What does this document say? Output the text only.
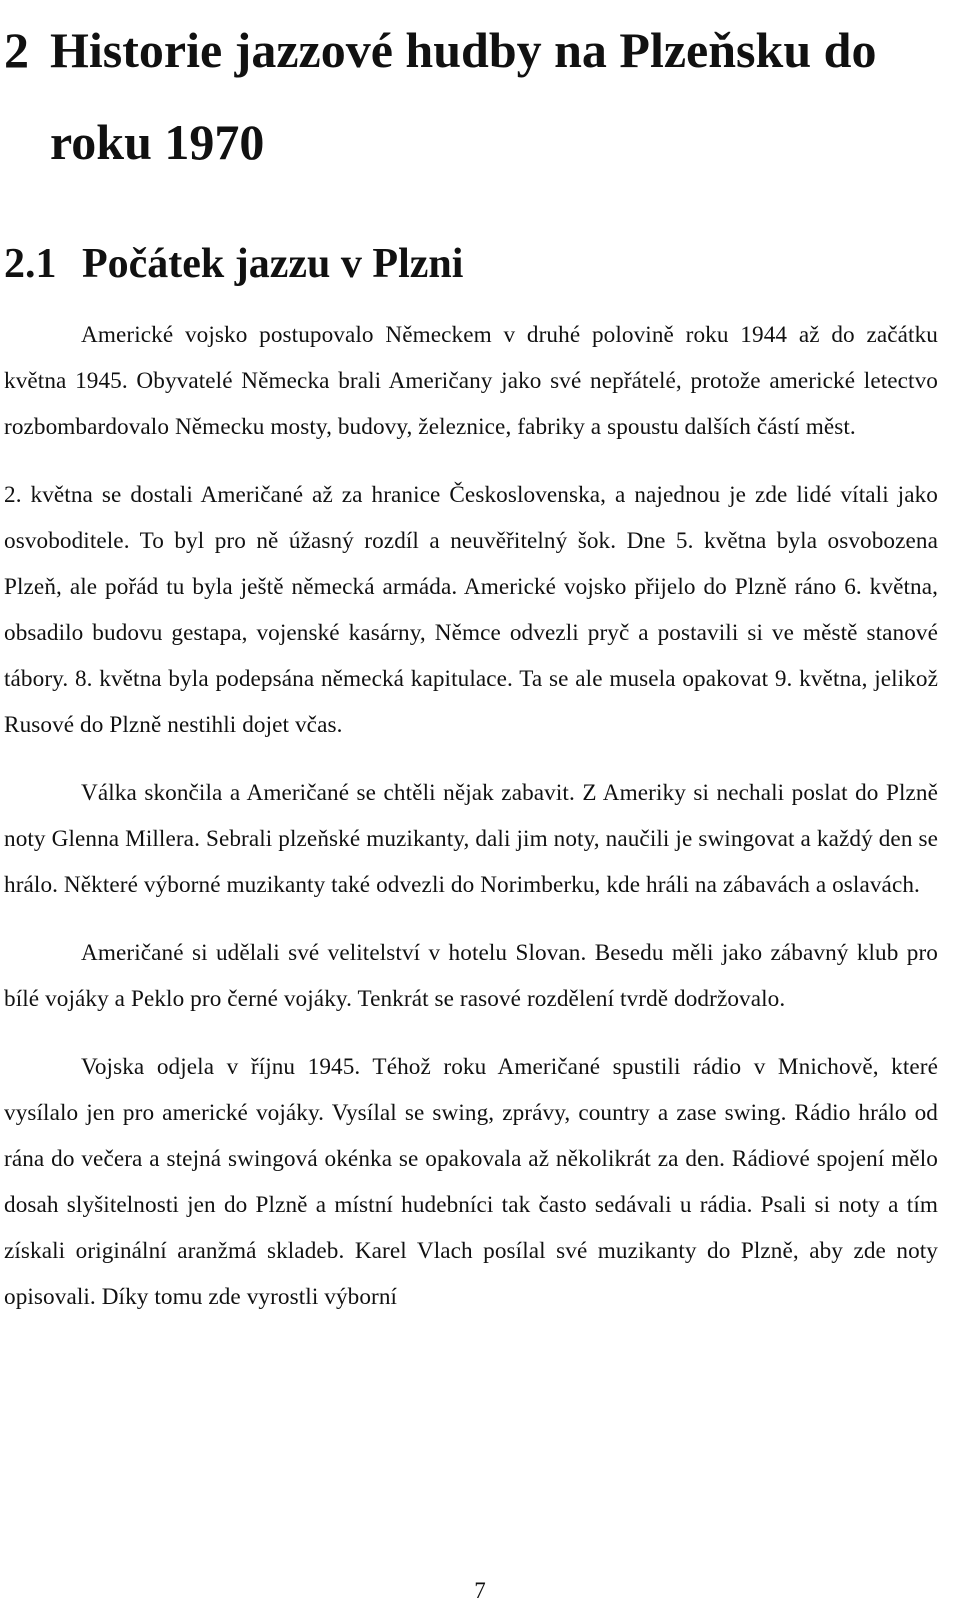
2 Historie jazzové hudby na Plzeňsku do roku 1970
2.1 Počátek jazzu v Plzni

Americké vojsko postupovalo Německem v druhé polovině roku 1944 až do začátku května 1945. Obyvatelé Německa brali Američany jako své nepřátelé, protože americké letectvo rozbombardovalo Německu mosty, budovy, železnice, fabriky a spoustu dalších částí měst.

2. května se dostali Američané až za hranice Československa, a najednou je zde lidé vítali jako osvoboditele. To byl pro ně úžasný rozdíl a neuvěřitelný šok. Dne 5. května byla osvobozena Plzeň, ale pořád tu byla ještě německá armáda. Americké vojsko přijelo do Plzně ráno 6. května, obsadilo budovu gestapa, vojenské kasárny, Němce odvezli pryč a postavili si ve městě stanové tábory. 8. května byla podepsána německá kapitulace. Ta se ale musela opakovat 9. května, jelikož Rusové do Plzně nestihli dojet včas.

Válka skončila a Američané se chtěli nějak zabavit. Z Ameriky si nechali poslat do Plzně noty Glenna Millera. Sebrali plzeňské muzikanty, dali jim noty, naučili je swingovat a každý den se hrálo. Některé výborné muzikanty také odvezli do Norimberku, kde hráli na zábavách a oslavách.

Američané si udělali své velitelství v hotelu Slovan. Besedu měli jako zábavný klub pro bílé vojáky a Peklo pro černé vojáky. Tenkrát se rasové rozdělení tvrdě dodržovalo.

Vojska odjela v říjnu 1945. Téhož roku Američané spustili rádio v Mnichově, které vysílalo jen pro americké vojáky. Vysílal se swing, zprávy, country a zase swing. Rádio hrálo od rána do večera a stejná swingová okénka se opakovala až několikrát za den. Rádiové spojení mělo dosah slyšitelnosti jen do Plzně a místní hudebníci tak často sedávali u rádia. Psali si noty a tím získali originální aranžmá skladeb. Karel Vlach posílal své muzikanty do Plzně, aby zde noty opisovali. Díky tomu zde vyrostli výborní

7
